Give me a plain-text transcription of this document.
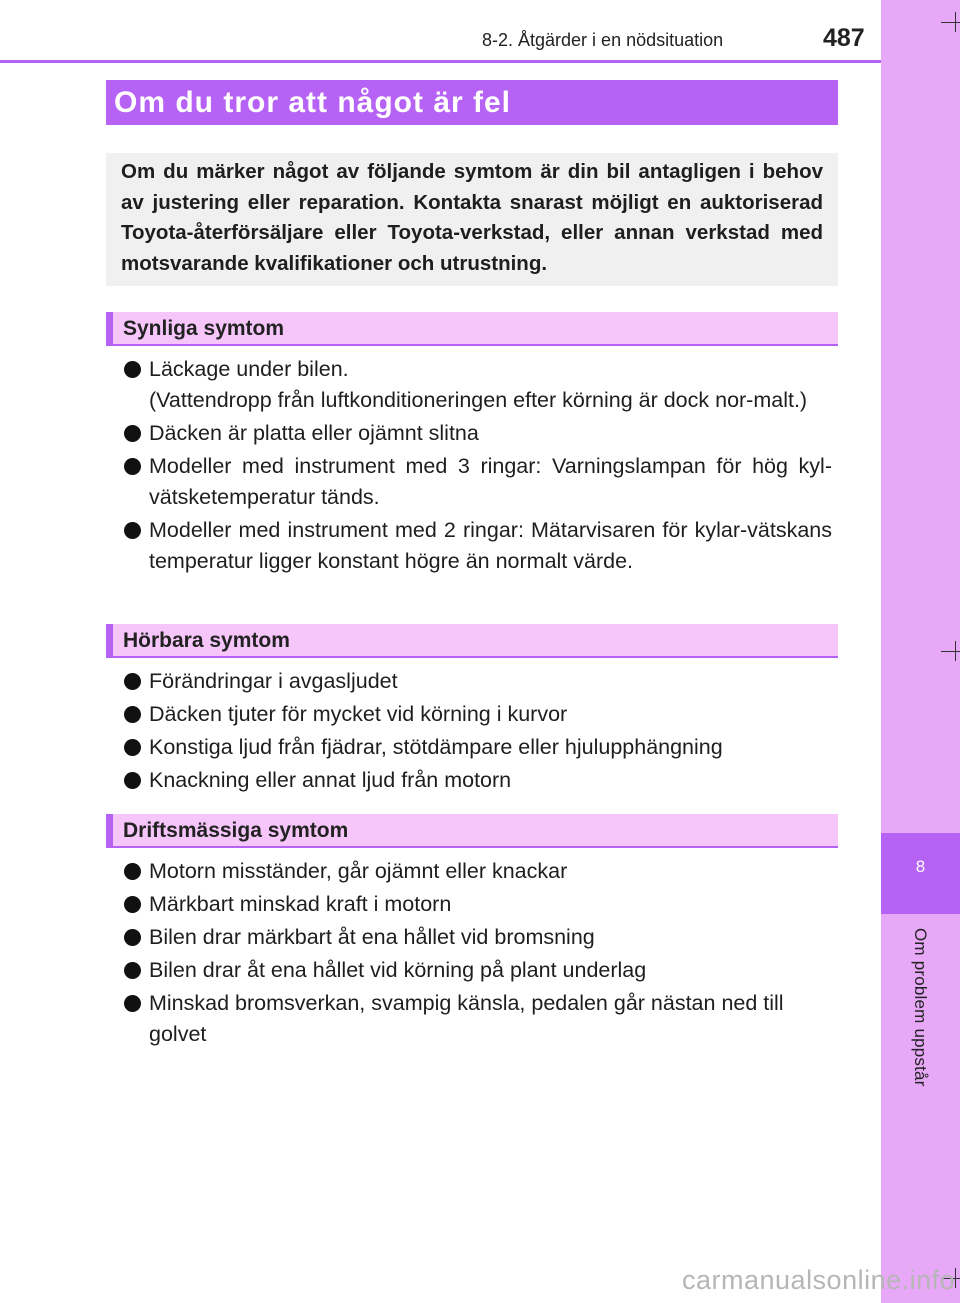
8
Om problem uppstår
8-2. Åtgärder i en nödsituation	487
Om du tror att något är fel

Om du märker något av följande symtom är din bil antagligen i behov av justering eller reparation. Kontakta snarast möjligt en auktoriserad Toyota-återförsäljare eller Toyota-verkstad, eller annan verkstad med motsvarande kvalifikationer och utrustning.

Synliga symtom
Läckage under bilen.
(Vattendropp från luftkonditioneringen efter körning är dock nor-malt.)
Däcken är platta eller ojämnt slitna
Modeller med instrument med 3 ringar: Varningslampan för hög kyl-vätsketemperatur tänds.
Modeller med instrument med 2 ringar: Mätarvisaren för kylar-vätskans temperatur ligger konstant högre än normalt värde.
Hörbara symtom
Förändringar i avgasljudet
Däcken tjuter för mycket vid körning i kurvor
Konstiga ljud från fjädrar, stötdämpare eller hjulupphängning
Knackning eller annat ljud från motorn
Driftsmässiga symtom
Motorn misständer, går ojämnt eller knackar
Märkbart minskad kraft i motorn
Bilen drar märkbart åt ena hållet vid bromsning
Bilen drar åt ena hållet vid körning på plant underlag
Minskad bromsverkan, svampig känsla, pedalen går nästan ned till golvet
carmanualsonline.info
